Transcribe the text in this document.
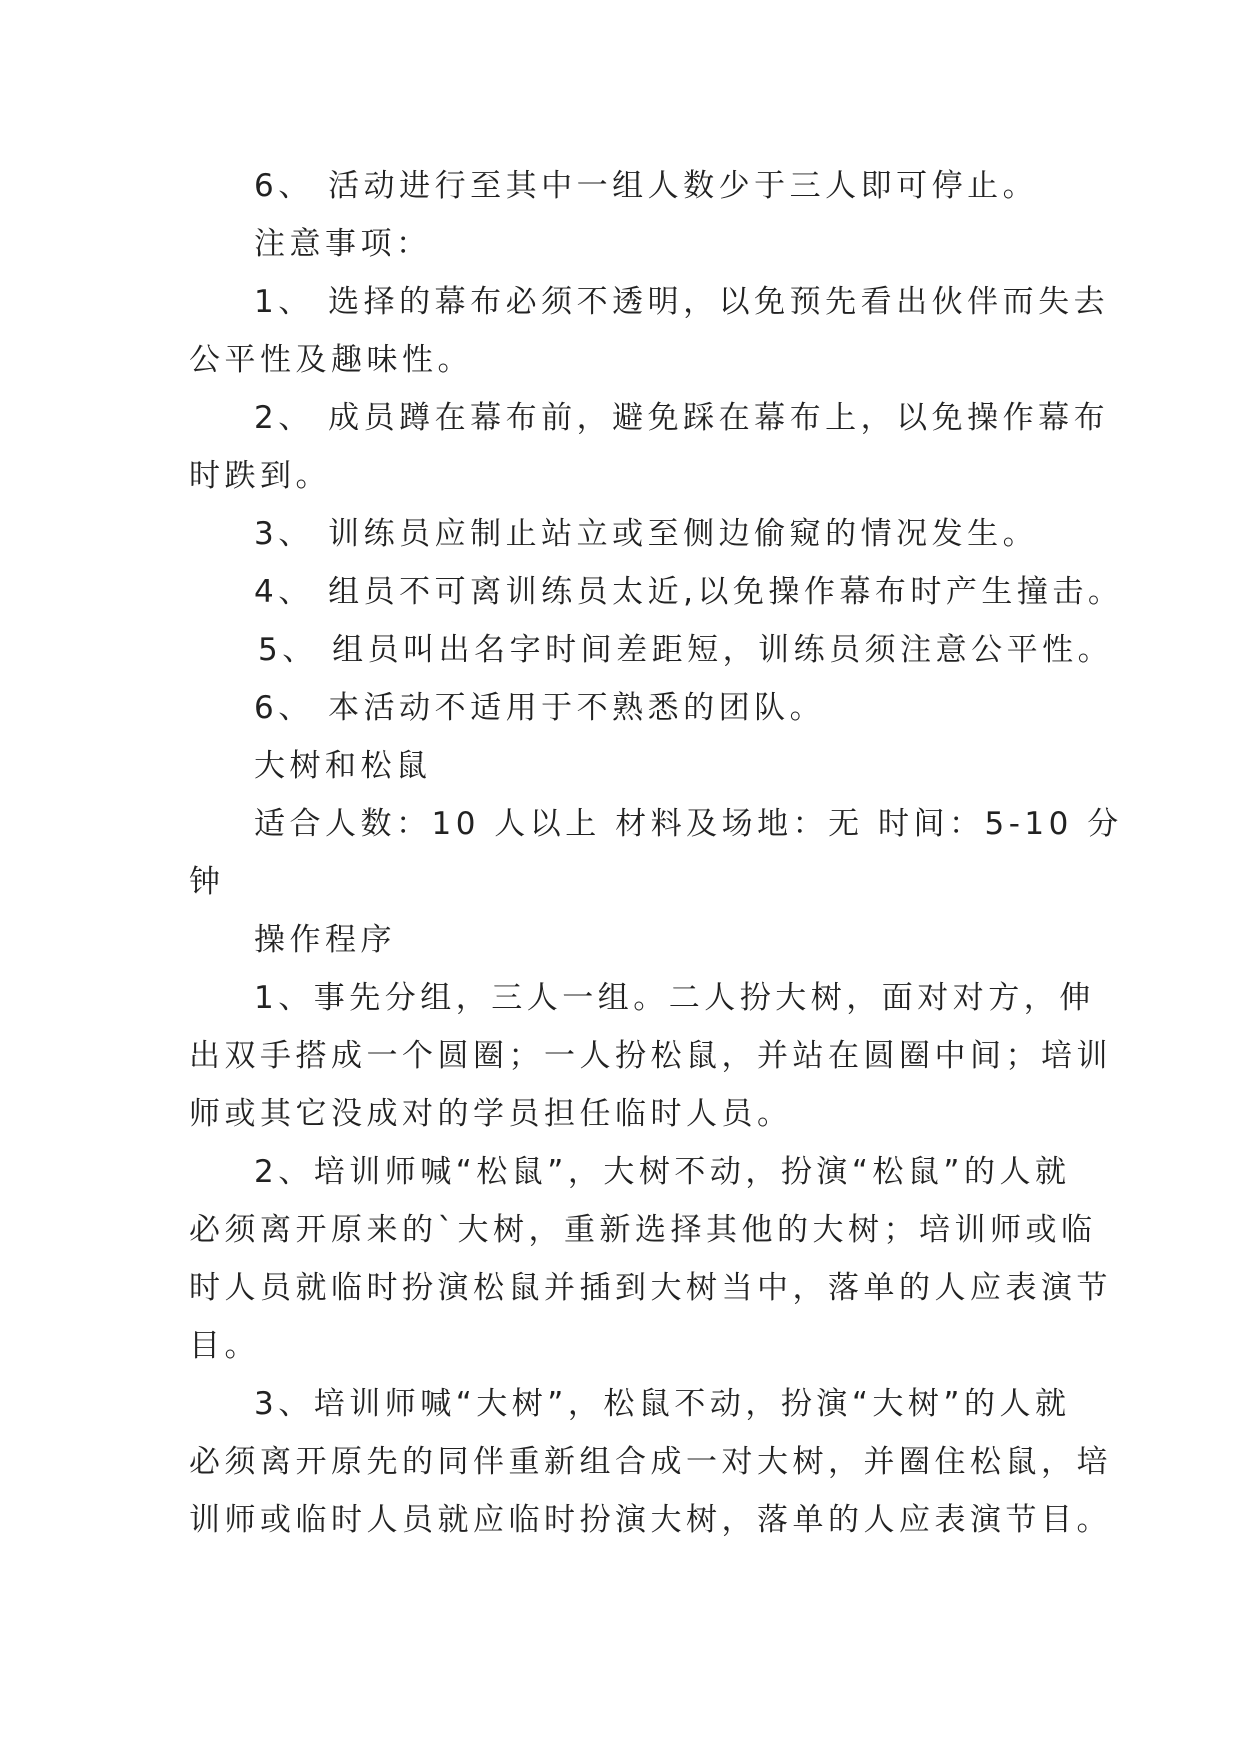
6、 活动进行至其中一组人数少于三人即可停止。
注意事项：
1、 选择的幕布必须不透明，以免预先看出伙伴而失去
公平性及趣味性。
2、 成员蹲在幕布前，避免踩在幕布上，以免操作幕布
时跌到。
3、 训练员应制止站立或至侧边偷窥的情况发生。
4、 组员不可离训练员太近,以免操作幕布时产生撞击。
5、 组员叫出名字时间差距短，训练员须注意公平性。
6、 本活动不适用于不熟悉的团队。
大树和松鼠
适合人数：10 人以上 材料及场地：无 时间：5-10 分
钟
操作程序
1、事先分组，三人一组。二人扮大树，面对对方，伸
出双手搭成一个圆圈；一人扮松鼠，并站在圆圈中间；培训
师或其它没成对的学员担任临时人员。
2、培训师喊“松鼠”，大树不动，扮演“松鼠”的人就
必须离开原来的`大树，重新选择其他的大树；培训师或临
时人员就临时扮演松鼠并插到大树当中，落单的人应表演节
目。
3、培训师喊“大树”，松鼠不动，扮演“大树”的人就
必须离开原先的同伴重新组合成一对大树，并圈住松鼠，培
训师或临时人员就应临时扮演大树，落单的人应表演节目。
